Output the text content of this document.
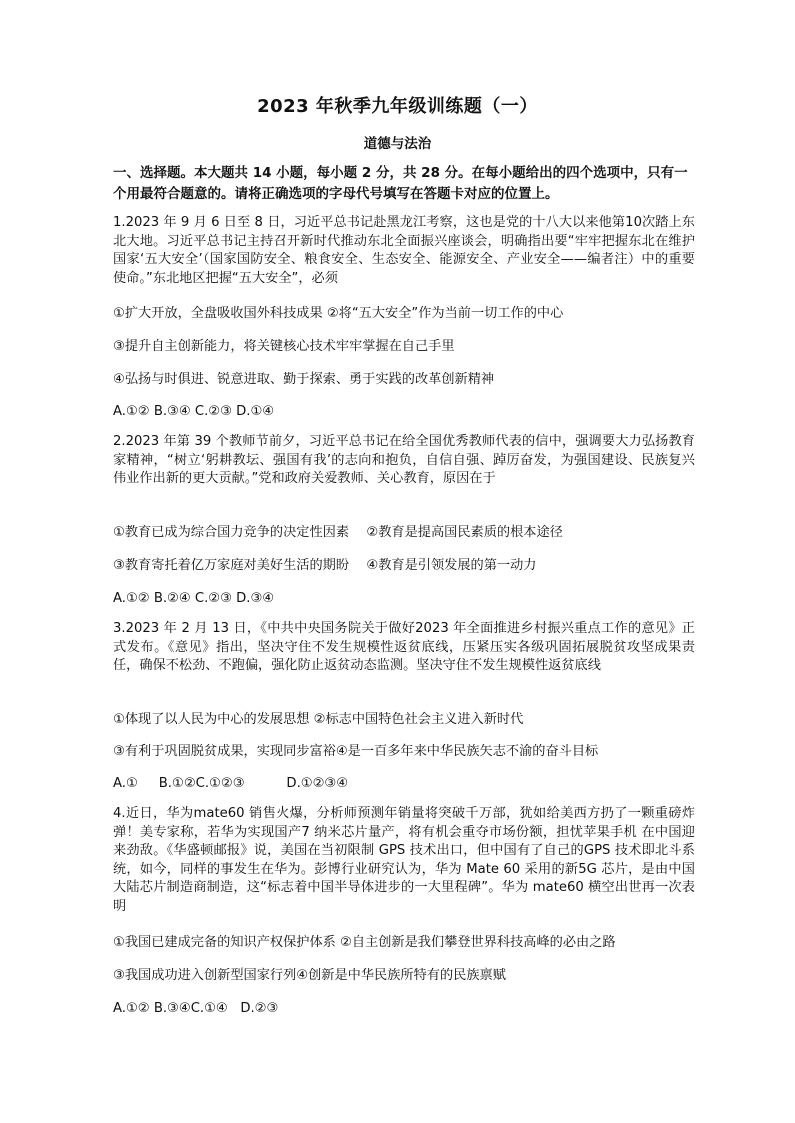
2023 年秋季九年级训练题（一）
道德与法治
一、选择题。本大题共 14 小题，每小题 2 分，共 28 分。在每小题给出的四个选项中，只有一个用最符合题意的。请将正确选项的字母代号填写在答题卡对应的位置上。
1.2023 年 9 月 6 日至 8 日，习近平总书记赴黑龙江考察，这也是党的十八大以来他第10次踏上东北大地。习近平总书记主持召开新时代推动东北全面振兴座谈会，明确指出要“牢牢把握东北在维护国家‘五大安全’（国家国防安全、粮食安全、生态安全、能源安全、产业安全——编者注）中的重要使命。”东北地区把握“五大安全”，必须
①扩大开放，全盘吸收国外科技成果 ②将“五大安全”作为当前一切工作的中心
③提升自主创新能力，将关键核心技术牢牢掌握在自己手里
④弘扬与时俱进、锐意进取、勤于探索、勇于实践的改革创新精神
A.①② B.③④ C.②③ D.①④
2.2023 年第 39 个教师节前夕，习近平总书记在给全国优秀教师代表的信中，强调要大力弘扬教育家精神，“树立‘躬耕教坛、强国有我’的志向和抱负，自信自强、踔厉奋发，为强国建设、民族复兴伟业作出新的更大贡献。”党和政府关爱教师、关心教育，原因在于
①教育已成为综合国力竞争的决定性因素　 ②教育是提高国民素质的根本途径
③教育寄托着亿万家庭对美好生活的期盼　 ④教育是引领发展的第一动力
A.①② B.②④ C.②③ D.③④
3.2023 年 2 月 13 日，《中共中央国务院关于做好2023 年全面推进乡村振兴重点工作的意见》正式发布。《意见》指出，坚决守住不发生规模性返贫底线，压紧压实各级巩固拓展脱贫攻坚成果责任，确保不松劲、不跑偏，强化防止返贫动态监测。坚决守住不发生规模性返贫底线
①体现了以人民为中心的发展思想 ②标志中国特色社会主义进入新时代
③有利于巩固脱贫成果，实现同步富裕④是一百多年来中华民族矢志不渝的奋斗目标
A.①     B.①②C.①②③          D.①②③④
4.近日，华为mate60 销售火爆，分析师预测年销量将突破千万部，犹如给美西方扔了一颗重磅炸弹！美专家称，若华为实现国产7 纳米芯片量产，将有机会重夺市场份额，担忧苹果手机 在中国迎来劲敌。《华盛顿邮报》说，美国在当初限制 GPS 技术出口，但中国有了自己的GPS 技术即北斗系统，如今，同样的事发生在华为。彭博行业研究认为，华为 Mate 60 采用的新5G 芯片，是由中国大陆芯片制造商制造，这“标志着中国半导体进步的一大里程碑”。华为 mate60 横空出世再一次表明
①我国已建成完备的知识产权保护体系 ②自主创新是我们攀登世界科技高峰的必由之路
③我国成功进入创新型国家行列④创新是中华民族所特有的民族禀赋
A.①② B.③④C.①④   D.②③
